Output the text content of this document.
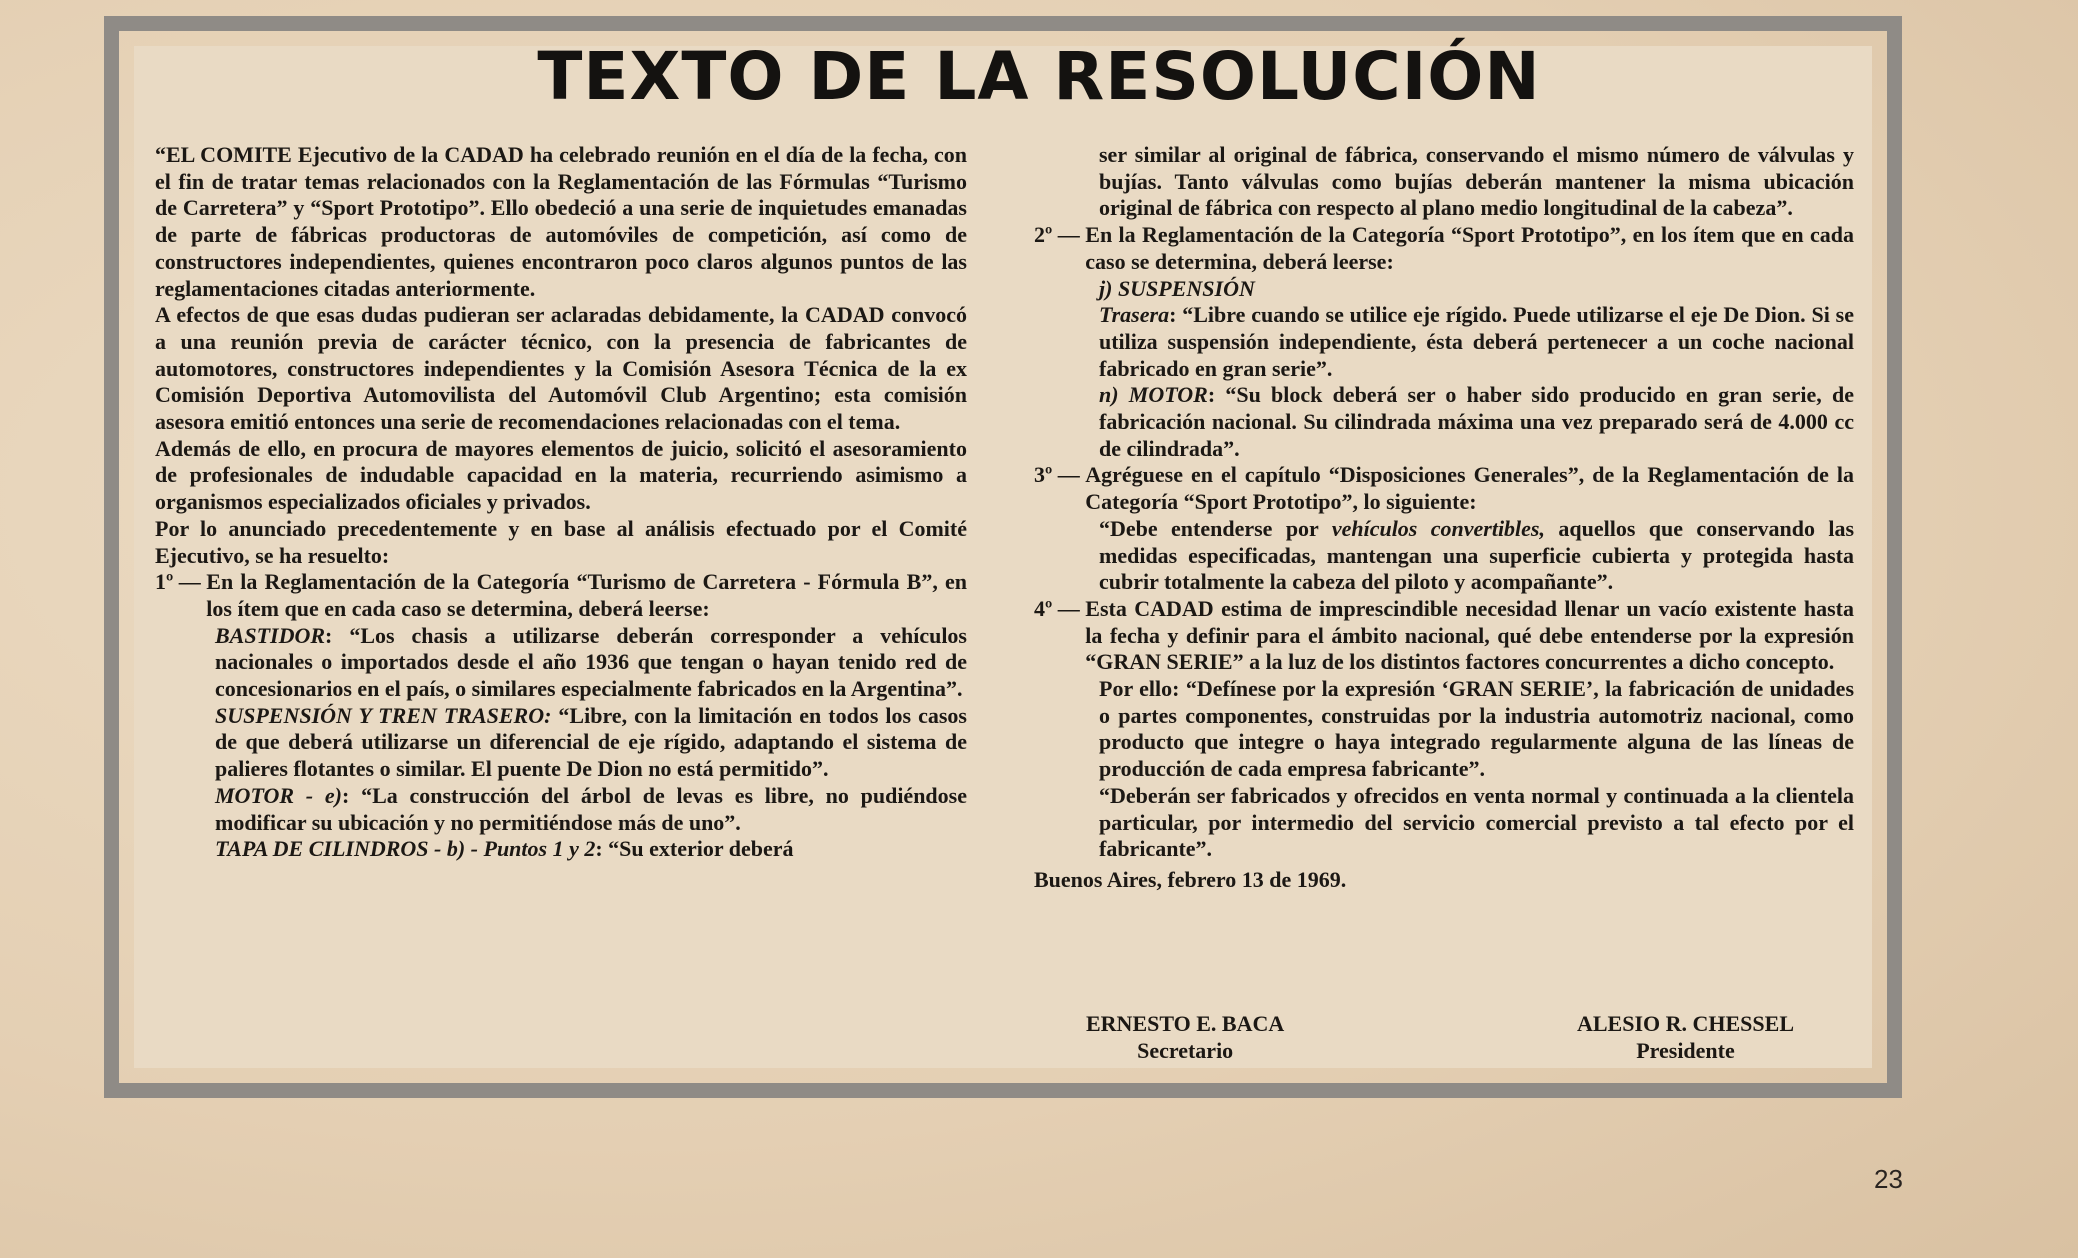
TEXTO DE LA RESOLUCIÓN

“EL COMITE Ejecutivo de la CADAD ha celebrado reunión en el día de la fecha, con el fin de tratar temas relacionados con la Reglamentación de las Fórmulas “Turismo de Carretera” y “Sport Prototipo”. Ello obedeció a una serie de inquietudes emanadas de parte de fábricas productoras de automóviles de competición, así como de constructores independientes, quienes encontraron poco claros algunos puntos de las reglamentaciones citadas anteriormente.

A efectos de que esas dudas pudieran ser aclaradas debidamente, la CADAD convocó a una reunión previa de carácter técnico, con la presencia de fabricantes de automotores, constructores independientes y la Comisión Asesora Técnica de la ex Comisión Deportiva Automovilista del Automóvil Club Argentino; esta comisión asesora emitió entonces una serie de recomendaciones relacionadas con el tema.

Además de ello, en procura de mayores elementos de juicio, solicitó el asesoramiento de profesionales de indudable capacidad en la materia, recurriendo asimismo a organismos especializados oficiales y privados.

Por lo anunciado precedentemente y en base al análisis efectuado por el Comité Ejecutivo, se ha resuelto:

1º — En la Reglamentación de la Categoría “Turismo de Carretera - Fórmula B”, en los ítem que en cada caso se determina, deberá leerse:

BASTIDOR: “Los chasis a utilizarse deberán corresponder a vehículos nacionales o importados desde el año 1936 que tengan o hayan tenido red de concesionarios en el país, o similares especialmente fabricados en la Argentina”.

SUSPENSIÓN Y TREN TRASERO: “Libre, con la limitación en todos los casos de que deberá utilizarse un diferencial de eje rígido, adaptando el sistema de palieres flotantes o similar. El puente De Dion no está permitido”.

MOTOR - e): “La construcción del árbol de levas es libre, no pudiéndose modificar su ubicación y no permitiéndose más de uno”.

TAPA DE CILINDROS - b) - Puntos 1 y 2: “Su exterior deberá

ser similar al original de fábrica, conservando el mismo número de válvulas y bujías. Tanto válvulas como bujías deberán mantener la misma ubicación original de fábrica con respecto al plano medio longitudinal de la cabeza”.

2º — En la Reglamentación de la Categoría “Sport Prototipo”, en los ítem que en cada caso se determina, deberá leerse:

j) SUSPENSIÓN

Trasera: “Libre cuando se utilice eje rígido. Puede utilizarse el eje De Dion. Si se utiliza suspensión independiente, ésta deberá pertenecer a un coche nacional fabricado en gran serie”.

n) MOTOR: “Su block deberá ser o haber sido producido en gran serie, de fabricación nacional. Su cilindrada máxima una vez preparado será de 4.000 cc de cilindrada”.

3º — Agréguese en el capítulo “Disposiciones Generales”, de la Reglamentación de la Categoría “Sport Prototipo”, lo siguiente:

“Debe entenderse por vehículos convertibles, aquellos que conservando las medidas especificadas, mantengan una superficie cubierta y protegida hasta cubrir totalmente la cabeza del piloto y acompañante”.

4º — Esta CADAD estima de imprescindible necesidad llenar un vacío existente hasta la fecha y definir para el ámbito nacional, qué debe entenderse por la expresión “GRAN SERIE” a la luz de los distintos factores concurrentes a dicho concepto.

Por ello: “Defínese por la expresión ‘GRAN SERIE’, la fabricación de unidades o partes componentes, construidas por la industria automotriz nacional, como producto que integre o haya integrado regularmente alguna de las líneas de producción de cada empresa fabricante”.

“Deberán ser fabricados y ofrecidos en venta normal y continuada a la clientela particular, por intermedio del servicio comercial previsto a tal efecto por el fabricante”.

Buenos Aires, febrero 13 de 1969.

ERNESTO E. BACA
Secretario
ALESIO R. CHESSEL
Presidente
23
